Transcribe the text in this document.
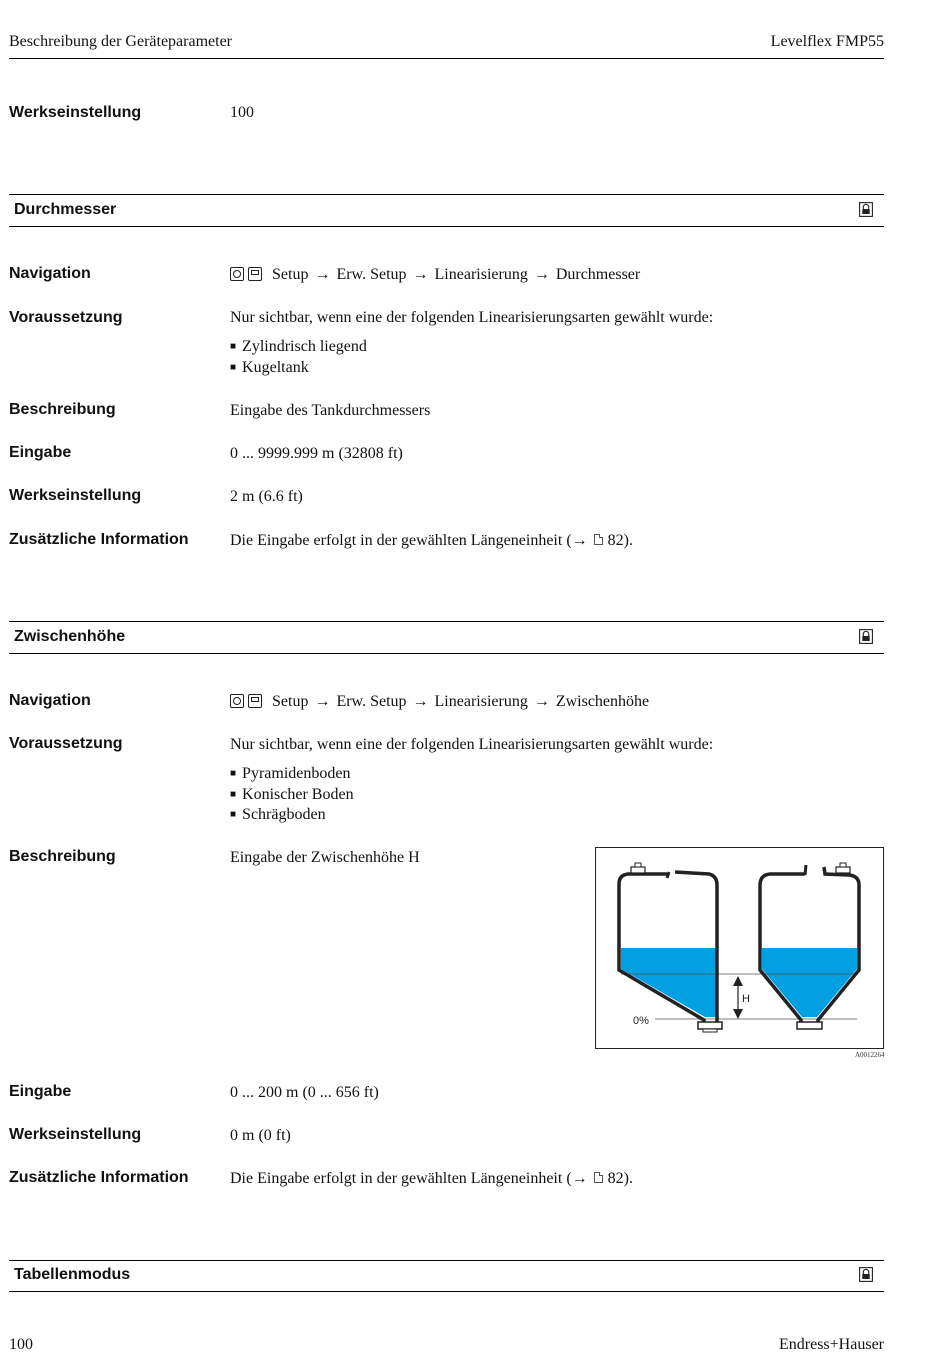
Beschreibung der Geräteparameter	Levelflex FMP55
Werkseinstellung	100
Durchmesser
Navigation	Setup → Erw. Setup → Linearisierung → Durchmesser
Voraussetzung	Nur sichtbar, wenn eine der folgenden Linearisierungsarten gewählt wurde:
■ Zylindrisch liegend
■ Kugeltank
Beschreibung	Eingabe des Tankdurchmessers
Eingabe	0 ... 9999.999 m (32808 ft)
Werkseinstellung	2 m (6.6 ft)
Zusätzliche Information	Die Eingabe erfolgt in der gewählten Längeneinheit (→ 82).
Zwischenhöhe
Navigation	Setup → Erw. Setup → Linearisierung → Zwischenhöhe
Voraussetzung	Nur sichtbar, wenn eine der folgenden Linearisierungsarten gewählt wurde:
■ Pyramidenboden
■ Konischer Boden
■ Schrägboden
Beschreibung	Eingabe der Zwischenhöhe H
H
0%
A0012264
Eingabe	0 ... 200 m (0 ... 656 ft)
Werkseinstellung	0 m (0 ft)
Zusätzliche Information	Die Eingabe erfolgt in der gewählten Längeneinheit (→ 82).
Tabellenmodus
100	Endress+Hauser
